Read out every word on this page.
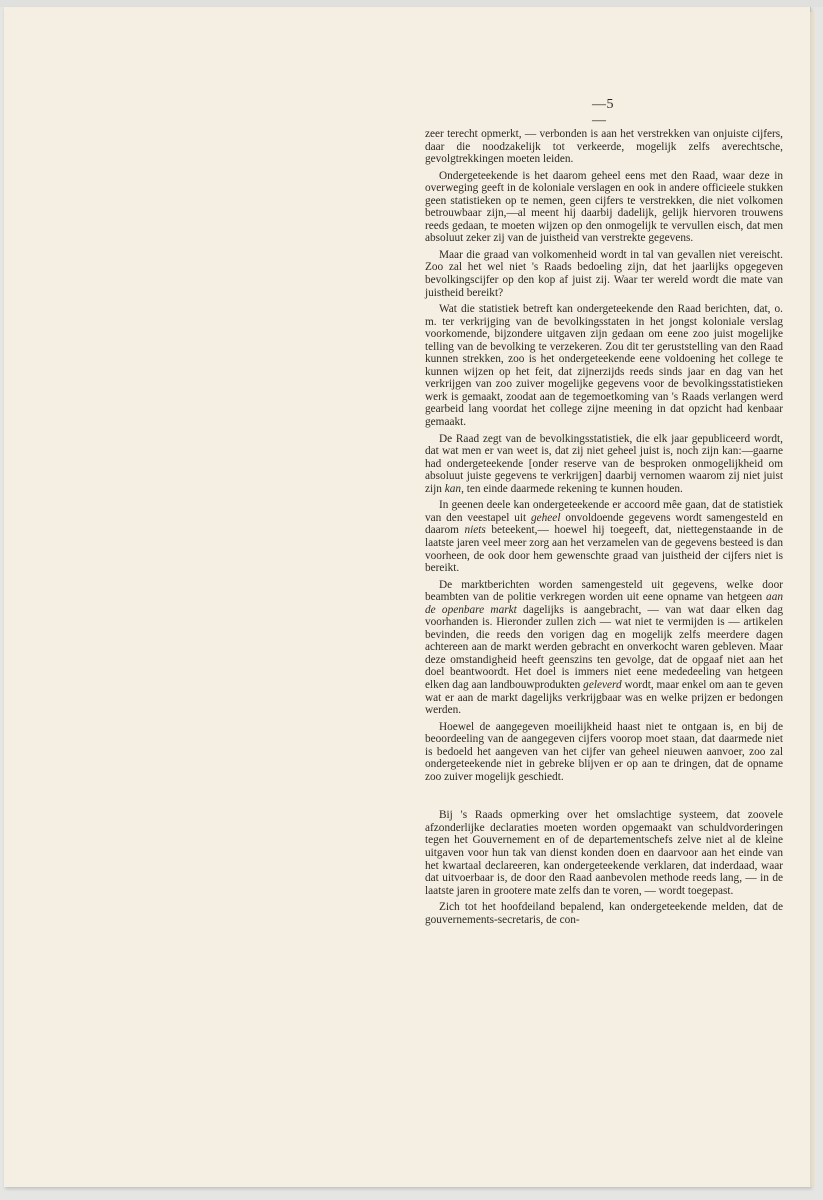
—5—

zeer terecht opmerkt, — verbonden is aan het verstrekken van onjuiste cijfers, daar die noodzakelijk tot verkeerde, mogelijk zelfs averechtsche, gevolgtrekkingen moeten leiden.

Ondergeteekende is het daarom geheel eens met den Raad, waar deze in overweging geeft in de koloniale verslagen en ook in andere officieele stukken geen statistieken op te nemen, geen cijfers te verstrekken, die niet volkomen betrouwbaar zijn,—al meent hij daarbij dadelijk, gelijk hiervoren trouwens reeds gedaan, te moeten wijzen op den onmogelijk te vervullen eisch, dat men absoluut zeker zij van de juistheid van verstrekte gegevens.

Maar die graad van volkomenheid wordt in tal van gevallen niet vereischt. Zoo zal het wel niet 's Raads bedoeling zijn, dat het jaarlijks opgegeven bevolkingscijfer op den kop af juist zij. Waar ter wereld wordt die mate van juistheid bereikt?

Wat die statistiek betreft kan ondergeteekende den Raad berichten, dat, o. m. ter verkrijging van de bevolkingsstaten in het jongst koloniale verslag voorkomende, bijzondere uitgaven zijn gedaan om eene zoo juist mogelijke telling van de bevolking te verzekeren. Zou dit ter geruststelling van den Raad kunnen strekken, zoo is het ondergeteekende eene voldoening het college te kunnen wijzen op het feit, dat zijnerzijds reeds sinds jaar en dag van het verkrijgen van zoo zuiver mogelijke gegevens voor de bevolkingsstatistieken werk is gemaakt, zoodat aan de tegemoetkoming van 's Raads verlangen werd gearbeid lang voordat het college zijne meening in dat opzicht had kenbaar gemaakt.

De Raad zegt van de bevolkingsstatistiek, die elk jaar gepubliceerd wordt, dat wat men er van weet is, dat zij niet geheel juist is, noch zijn kan:—gaarne had ondergeteekende [onder reserve van de besproken onmogelijkheid om absoluut juiste gegevens te verkrijgen] daarbij vernomen waarom zij niet juist zijn kan, ten einde daarmede rekening te kunnen houden.

In geenen deele kan ondergeteekende er accoord mêe gaan, dat de statistiek van den veestapel uit geheel onvoldoende gegevens wordt samengesteld en daarom niets beteekent,— hoewel hij toegeeft, dat, niettegenstaande in de laatste jaren veel meer zorg aan het verzamelen van de gegevens besteed is dan voorheen, de ook door hem gewenschte graad van juistheid der cijfers niet is bereikt.

De marktberichten worden samengesteld uit gegevens, welke door beambten van de politie verkregen worden uit eene opname van hetgeen aan de openbare markt dagelijks is aangebracht, — van wat daar elken dag voorhanden is. Hieronder zullen zich — wat niet te vermijden is — artikelen bevinden, die reeds den vorigen dag en mogelijk zelfs meerdere dagen achtereen aan de markt werden gebracht en onverkocht waren gebleven. Maar deze omstandigheid heeft geenszins ten gevolge, dat de opgaaf niet aan het doel beantwoordt. Het doel is immers niet eene mededeeling van hetgeen elken dag aan landbouwprodukten geleverd wordt, maar enkel om aan te geven wat er aan de markt dagelijks verkrijgbaar was en welke prijzen er bedongen werden.

Hoewel de aangegeven moeilijkheid haast niet te ontgaan is, en bij de beoordeeling van de aangegeven cijfers voorop moet staan, dat daarmede niet is bedoeld het aangeven van het cijfer van geheel nieuwen aanvoer, zoo zal ondergeteekende niet in gebreke blijven er op aan te dringen, dat de opname zoo zuiver mogelijk geschiedt.

Bij 's Raads opmerking over het omslachtige systeem, dat zoovele afzonderlijke declaraties moeten worden opgemaakt van schuldvorderingen tegen het Gouvernement en of de departementschefs zelve niet al de kleine uitgaven voor hun tak van dienst konden doen en daarvoor aan het einde van het kwartaal declareeren, kan ondergeteekende verklaren, dat inderdaad, waar dat uitvoerbaar is, de door den Raad aanbevolen methode reeds lang, — in de laatste jaren in grootere mate zelfs dan te voren, — wordt toegepast.

Zich tot het hoofdeiland bepalend, kan ondergeteekende melden, dat de gouvernements-secretaris, de con-
